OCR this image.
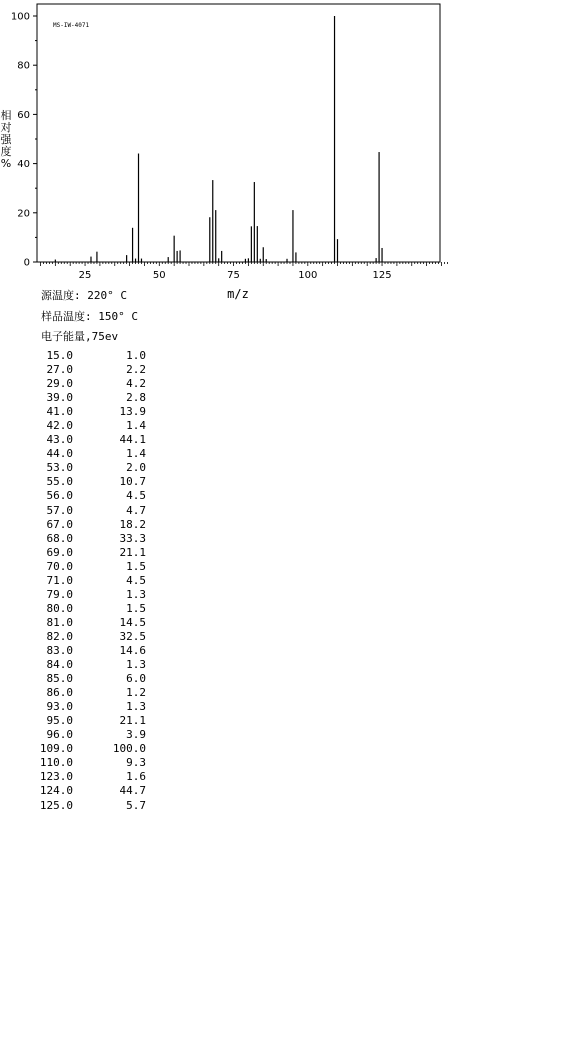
MS-IW-4071
0
20
40
60
80
100
25	50	75	100	125
m/z
相
对
强
度
%
源温度: 220° C
样品温度: 150° C
电子能量,75ev
15.0	1.0
27.0	2.2
29.0	4.2
39.0	2.8
41.0	13.9
42.0	1.4
43.0	44.1
44.0	1.4
53.0	2.0
55.0	10.7
56.0	4.5
57.0	4.7
67.0	18.2
68.0	33.3
69.0	21.1
70.0	1.5
71.0	4.5
79.0	1.3
80.0	1.5
81.0	14.5
82.0	32.5
83.0	14.6
84.0	1.3
85.0	6.0
86.0	1.2
93.0	1.3
95.0	21.1
96.0	3.9
109.0	100.0
110.0	9.3
123.0	1.6
124.0	44.7
125.0	5.7
